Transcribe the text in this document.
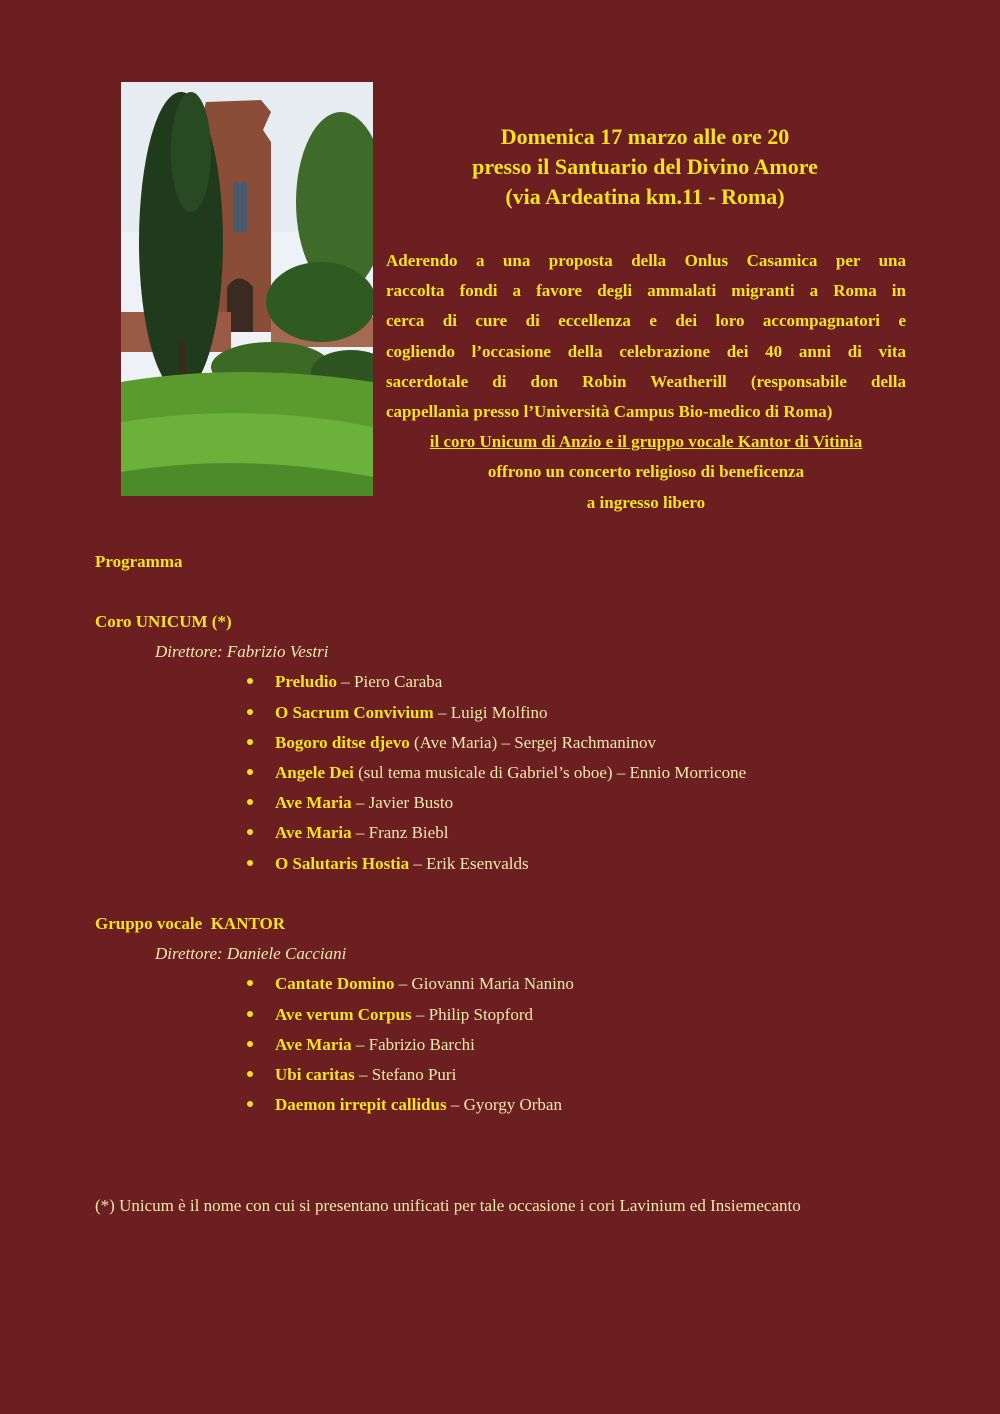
Domenica 17 marzo alle ore 20
presso il Santuario del Divino Amore
(via Ardeatina km.11 - Roma)
Aderendo a una proposta della Onlus Casamica per una
raccolta fondi a favore degli ammalati migranti a Roma in
cerca di cure di eccellenza e dei loro accompagnatori e
cogliendo l’occasione della celebrazione dei 40 anni di vita
sacerdotale di don Robin Weatherill (responsabile della
cappellanìa presso l’Università Campus Bio-medico di Roma)
il coro Unicum di Anzio e il gruppo vocale Kantor di Vitinia
offrono un concerto religioso di beneficenza
a ingresso libero
Programma
Coro UNICUM (*)
Direttore: Fabrizio Vestri
Preludio – Piero Caraba
O Sacrum Convivium – Luigi Molfino
Bogoro ditse djevo (Ave Maria) – Sergej Rachmaninov
Angele Dei (sul tema musicale di Gabriel’s oboe) – Ennio Morricone
Ave Maria – Javier Busto
Ave Maria – Franz Biebl
O Salutaris Hostia – Erik Esenvalds
Gruppo vocale  KANTOR
Direttore: Daniele Cacciani
Cantate Domino – Giovanni Maria Nanino
Ave verum Corpus – Philip Stopford
Ave Maria – Fabrizio Barchi
Ubi caritas – Stefano Puri
Daemon irrepit callidus – Gyorgy Orban
(*) Unicum è il nome con cui si presentano unificati per tale occasione i cori Lavinium ed Insiemecanto
